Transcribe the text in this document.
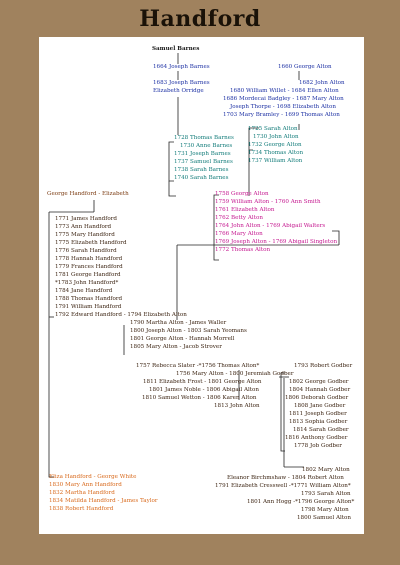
Handford
Samuel Barnes
1664 Joseph Barnes
1683 Joseph Barnes
Elizabeth Orridge
1660 George Alton
1682 John Alton
1680 William Willet - 1684 Ellen Alton
1686 Mordecai Badgley - 1687 Mary Alton
Joseph Thorpe - 1698 Elizabeth Alton
1703 Mary Bramley - 1699 Thomas Alton
1728 Thomas Barnes
1730 Anne Barnes
1731 Joseph Barnes
1737 Samuel Barnes
1738 Sarah Barnes
1740 Sarah Barnes
1725 Sarah Alton
1730 John Alton
1732 George Alton
1734 Thomas Alton
1737 William Alton
1758 George Alton
1759 William Alton - 1760 Ann Smith
1761 Elizabeth Alton
1762 Betty Alton
1764 John Alton - 1769 Abigail Walters
1766 Mary Alton
1769 Joseph Alton - 1769 Abigail Singleton
1772 Thomas Alton
George Handford - Elizabeth
1771 James Handford
1773 Ann Handford
1775 Mary Handford
1775 Elizabeth Handford
1776 Sarah Handford
1778 Hannah Handford
1779 Frances Handford
1781 George Handford
*1783 John Handford*
1784 Jane Handford
1788 Thomas Handford
1791 William Handford
1792 Edward Handford - 1794 Elizabeth Alton
1790 Martha Alton - James Waller
1800 Joseph Alton - 1803 Sarah Yeomans
1801 George Alton - Hannah Morrell
1805 Mary Alton - Jacob Strover
1757 Rebecca Slater -*1756 Thomas Alton*
1756 Mary Alton - 1800 Jeremiah Godber
1811 Elizabeth Frost - 1801 George Alton
1801 James Noble - 1806 Abigail Alton
1810 Samuel Wetton - 1806 Karen Alton
1813 John Alton
1793 Robert Godber
1802 George Godber
1804 Hannah Godber
1806 Deborah Godber
1808 Jane Godber
1811 Joseph Godber
1813 Sophia Godber
1814 Sarah Godber
1816 Anthony Godber
1778 Job Godber
1802 Mary Alton
Eleanor Birchmshaw - 1804 Robert Alton
1791 Elizabeth Cresswell -*1771 William Alton*
1793 Sarah Alton
1801 Ann Hogg -*1796 George Alton*
1798 Mary Alton
1800 Samuel Alton
Eliza Handford - George White
1830 Mary Ann Handford
1832 Martha Handford
1834 Matilda Handford - James Taylor
1838 Robert Handford
